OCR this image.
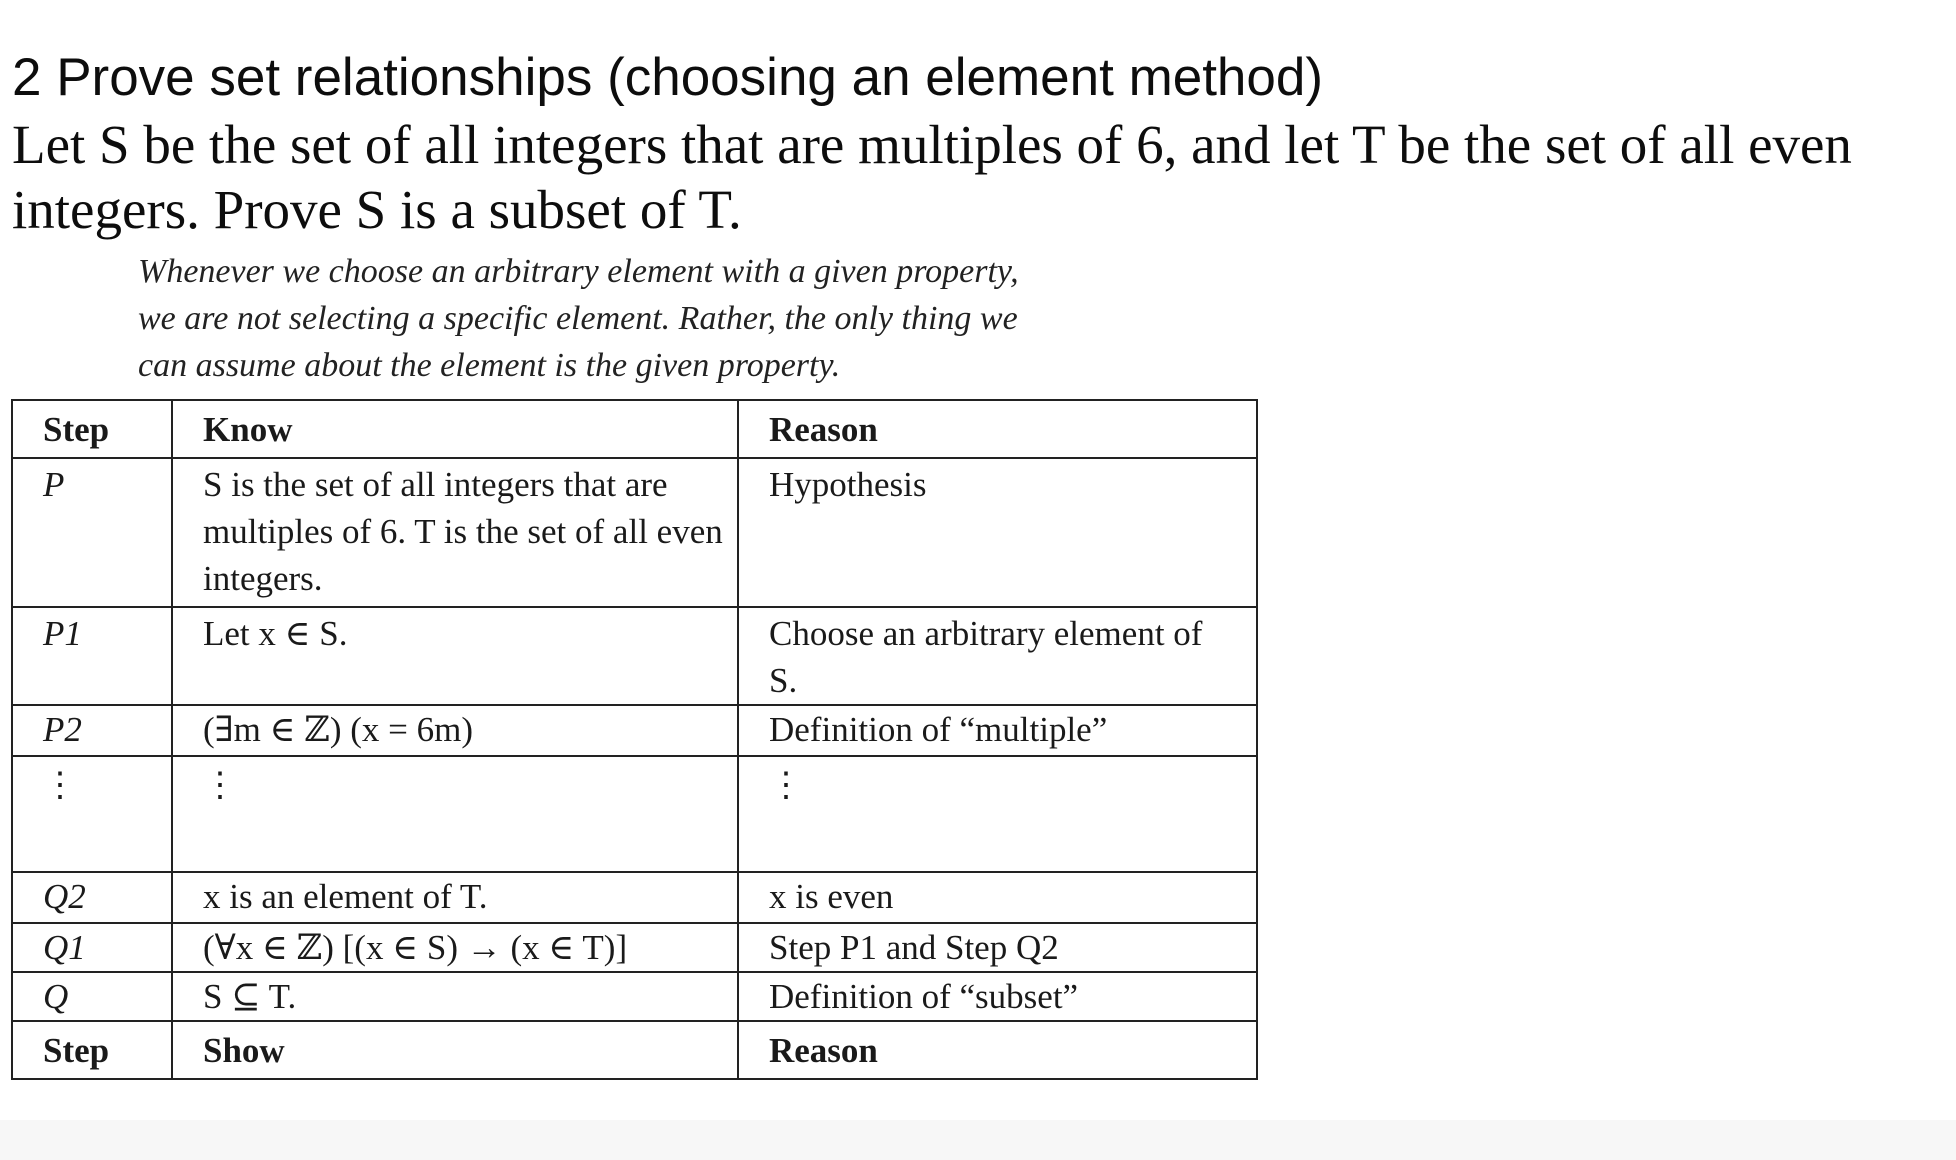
2 Prove set relationships (choosing an element method)

Let S be the set of all integers that are multiples of 6, and let T be the set of all even integers. Prove S is a subset of T.

Whenever we choose an arbitrary element with a given property,
we are not selecting a specific element. Rather, the only thing we
can assume about the element is the given property.
Step	Know	Reason
P	S is the set of all integers that are multiples of 6. T is the set of all even integers.	Hypothesis
P1	Let x ∈ S.	Choose an arbitrary element of S.
P2	(∃m ∈ ℤ) (x = 6m)	Definition of “multiple”
⋮	⋮	⋮
Q2	x is an element of T.	x is even
Q1	(∀x ∈ ℤ) [(x ∈ S) → (x ∈ T)]	Step P1 and Step Q2
Q	S ⊆ T.	Definition of “subset”
Step	Show	Reason
